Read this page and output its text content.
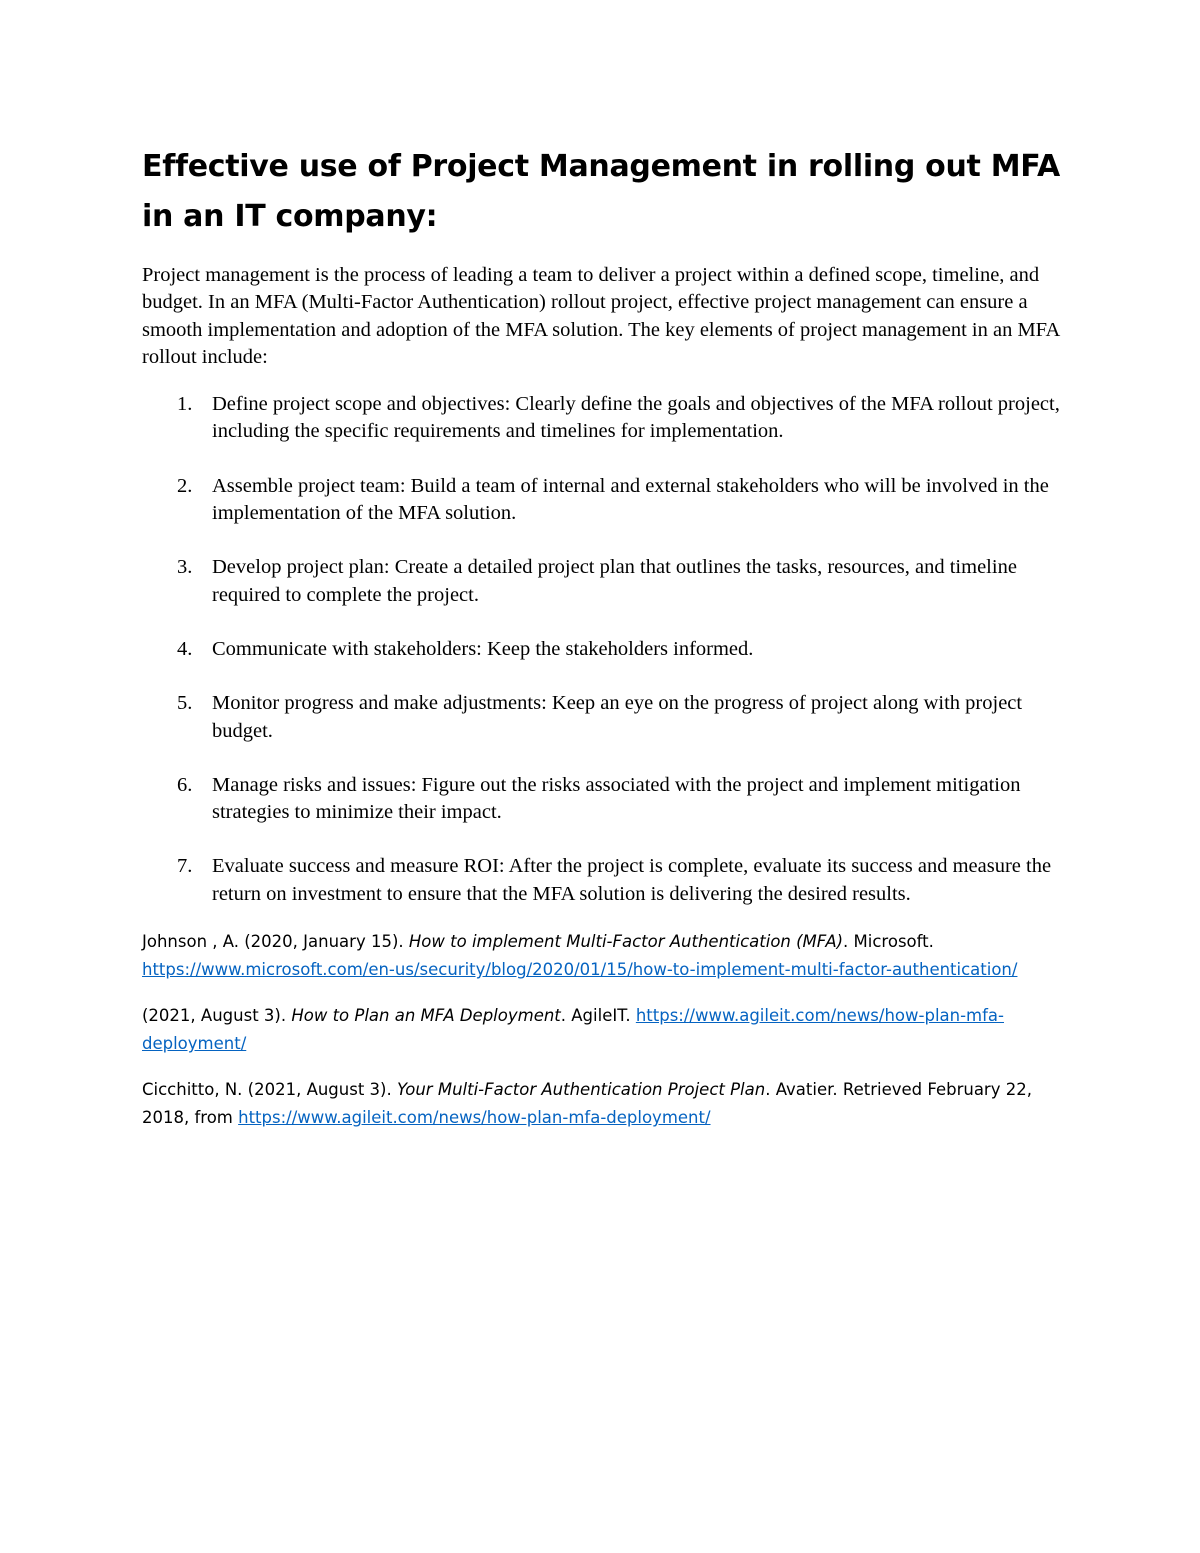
Effective use of Project Management in rolling out MFA in an IT company:

Project management is the process of leading a team to deliver a project within a defined scope, timeline, and budget. In an MFA (Multi-Factor Authentication) rollout project, effective project management can ensure a smooth implementation and adoption of the MFA solution. The key elements of project management in an MFA rollout include:

1. Define project scope and objectives: Clearly define the goals and objectives of the MFA rollout project, including the specific requirements and timelines for implementation.
2. Assemble project team: Build a team of internal and external stakeholders who will be involved in the implementation of the MFA solution.
3. Develop project plan: Create a detailed project plan that outlines the tasks, resources, and timeline required to complete the project.
4. Communicate with stakeholders: Keep the stakeholders informed.
5. Monitor progress and make adjustments: Keep an eye on the progress of project along with project budget.
6. Manage risks and issues: Figure out the risks associated with the project and implement mitigation strategies to minimize their impact.
7. Evaluate success and measure ROI: After the project is complete, evaluate its success and measure the return on investment to ensure that the MFA solution is delivering the desired results.

Johnson , A. (2020, January 15). How to implement Multi-Factor Authentication (MFA). Microsoft. https://www.microsoft.com/en-us/security/blog/2020/01/15/how-to-implement-multi-factor-authentication/

(2021, August 3). How to Plan an MFA Deployment. AgileIT. https://www.agileit.com/news/how-plan-mfa-deployment/

Cicchitto, N. (2021, August 3). Your Multi-Factor Authentication Project Plan. Avatier. Retrieved February 22, 2018, from https://www.agileit.com/news/how-plan-mfa-deployment/
